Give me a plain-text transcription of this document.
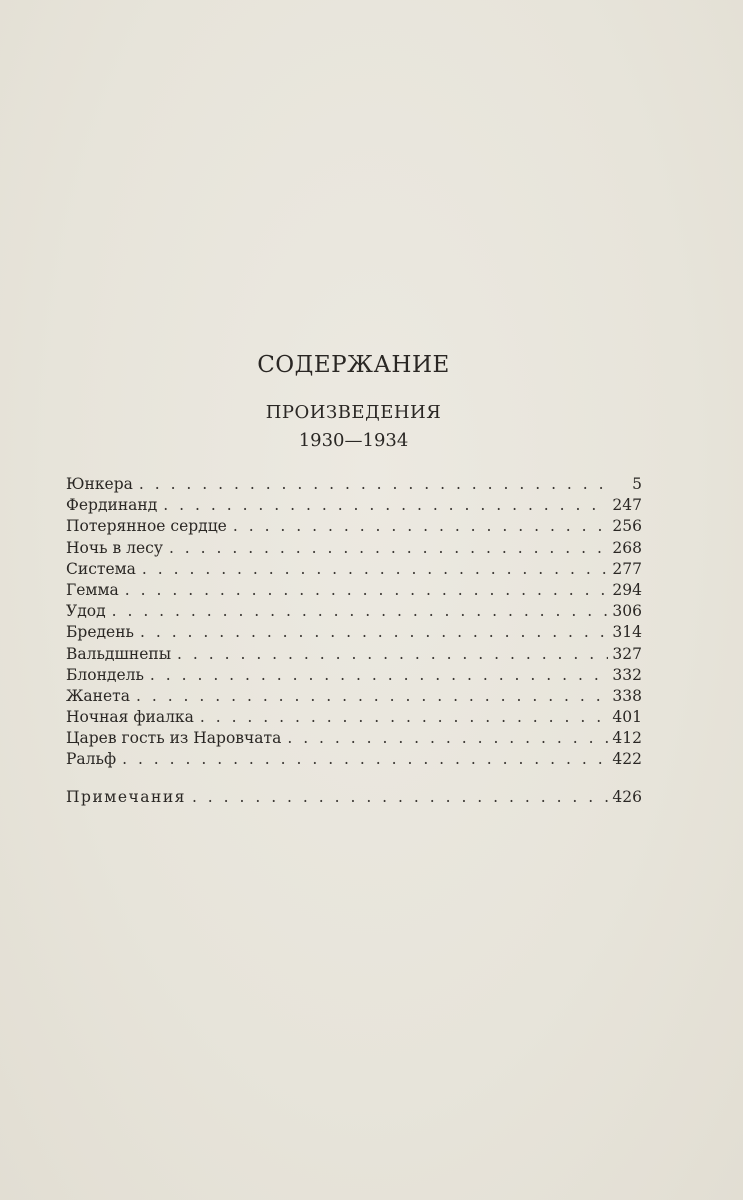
СОДЕРЖАНИЕ
ПРОИЗВЕДЕНИЯ
1930—1934
Юнкера . . .	5
Фердинанд . . .	247
Потерянное сердце . . .	256
Ночь в лесу . . .	268
Система . . .	277
Гемма . . .	294
Удод . . .	306
Бредень . . .	314
Вальдшнепы . . .	327
Блондель . . .	332
Жанета . . .	338
Ночная фиалка . . .	401
Царев гость из Наровчата . . .	412
Ральф . . .	422
Примечания . . .	426
